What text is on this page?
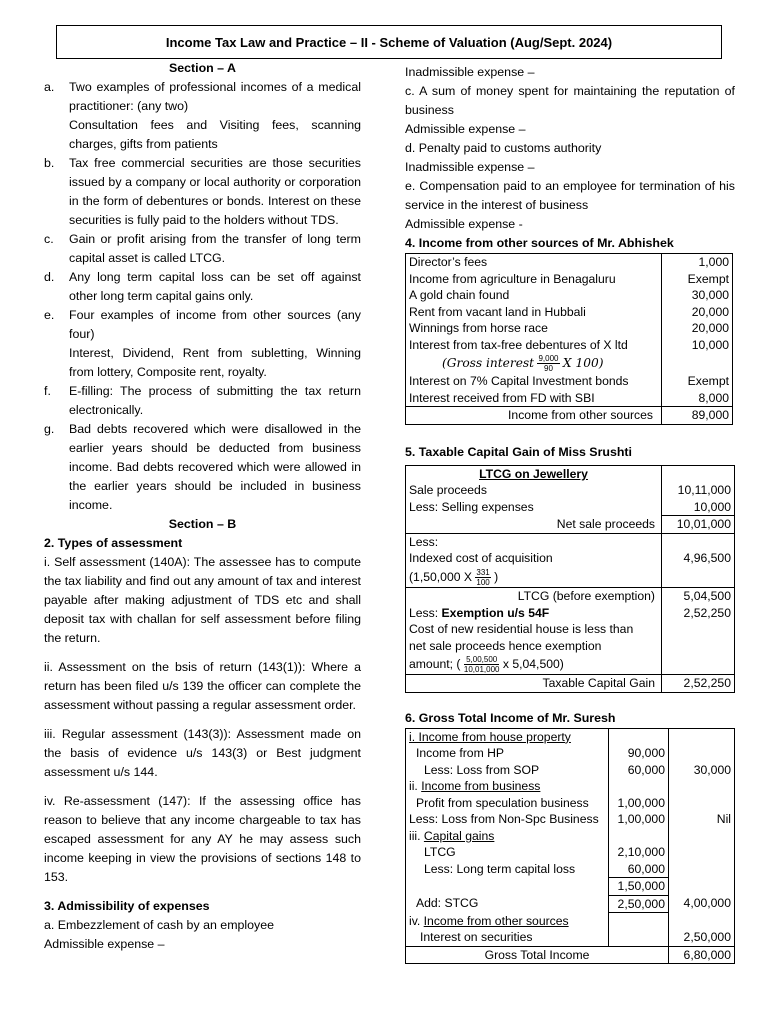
Income Tax Law and Practice – II - Scheme of Valuation (Aug/Sept. 2024)
Section – A
a.	Two examples of professional incomes of a medical practitioner: (any two)
Consultation fees and Visiting fees, scanning charges, gifts from patients
b.	Tax free commercial securities are those securities issued by a company or local authority or corporation in the form of debentures or bonds. Interest on these securities is fully paid to the holders without TDS.
c.	Gain or profit arising from the transfer of long term capital asset is called LTCG.
d.	Any long term capital loss can be set off against other long term capital gains only.
e.	Four examples of income from other sources (any four)
Interest, Dividend, Rent from subletting, Winning from lottery, Composite rent, royalty.
f.	E-filling: The process of submitting the tax return electronically.
g.	Bad debts recovered which were disallowed in the earlier years should be deducted from business income. Bad debts recovered which were allowed in the earlier years should be included in business income.
Section – B
2. Types of assessment
i. Self assessment (140A): The assessee has to compute the tax liability and find out any amount of tax and interest payable after making adjustment of TDS etc and shall deposit tax with challan for self assessment before filing the return.
ii. Assessment on the bsis of return (143(1)): Where a return has been filed u/s 139 the officer can complete the assessment without passing a regular assessment order.
iii. Regular assessment (143(3)): Assessment made on the basis of evidence u/s 143(3) or Best judgment assessment u/s 144.
iv. Re-assessment (147): If the assessing office has reason to believe that any income chargeable to tax has escaped assessment for any AY he may assess such income keeping in view the provisions of sections 148 to 153.
3. Admissibility of expenses
a. Embezzlement of cash by an employee
Admissible expense –
Inadmissible expense –
c. A sum of money spent for maintaining the reputation of business
Admissible expense –
d. Penalty paid to customs authority
Inadmissible expense –
e. Compensation paid to an employee for termination of his service in the interest of business
Admissible expense -
4. Income from other sources of Mr. Abhishek
Director’s fees	1,000
Income from agriculture in Benagaluru	Exempt
A gold chain found	30,000
Rent from vacant land in Hubbali	20,000
Winnings from horse race	20,000
Interest from tax-free debentures of X ltd	10,000
(Gross interest $\frac{9,000}{90}$ X 100)	
Interest on 7% Capital Investment bonds	Exempt
Interest received from FD with SBI	8,000
Income from other sources	89,000
5. Taxable Capital Gain of Miss Srushti
LTCG on Jewellery	
Sale proceeds	10,11,000
Less: Selling expenses	10,000
Net sale proceeds	10,01,000
Less:	
Indexed cost of acquisition	4,96,500
(1,50,000 X $\frac{331}{100}$ )	
LTCG (before exemption)	5,04,500
Less: Exemption u/s 54F	2,52,250
Cost of new residential house is less than	
net sale proceeds hence exemption	
amount; ( $\frac{5,00,500}{10,01,000}$ x 5,04,500)	
Taxable Capital Gain	2,52,250
6. Gross Total Income of Mr. Suresh
i. Income from house property		
Income from HP	90,000	
Less: Loss from SOP	60,000	30,000
ii. Income from business		
Profit from speculation business	1,00,000	
Less: Loss from Non-Spc Business	1,00,000	Nil
iii. Capital gains		
LTCG	2,10,000	
Less: Long term capital loss	60,000	
	1,50,000	
Add: STCG	2,50,000	4,00,000
iv. Income from other sources		
Interest on securities		2,50,000
Gross Total Income		6,80,000
